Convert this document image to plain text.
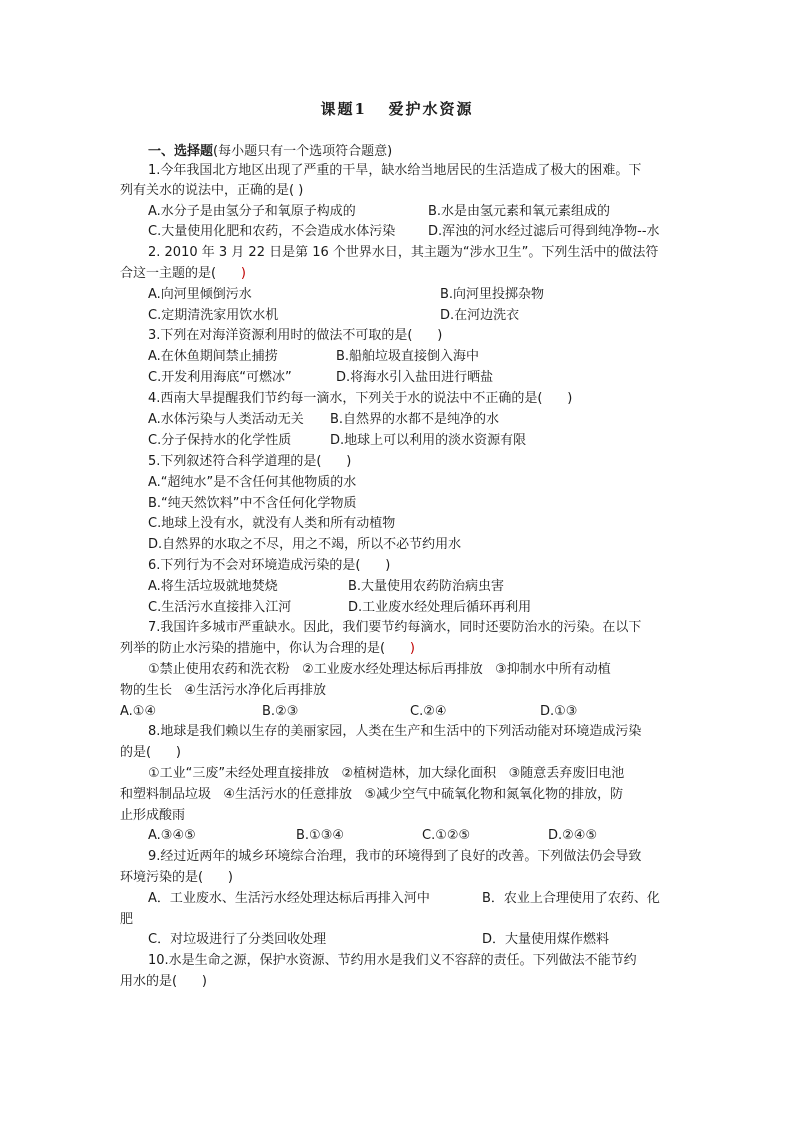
课题1   爱护水资源
一、选择题(每小题只有一个选项符合题意)
1.今年我国北方地区出现了严重的干旱，缺水给当地居民的生活造成了极大的困难。下
列有关水的说法中，正确的是( )
A.水分子是由氢分子和氧原子构成的	B.水是由氢元素和氧元素组成的
C.大量使用化肥和农药，不会造成水体污染	D.浑浊的河水经过滤后可得到纯净物--水
2. 2010 年 3 月 22 日是第 16 个世界水日，其主题为“涉水卫生”。下列生活中的做法符
合这一主题的是(      )
A.向河里倾倒污水	B.向河里投掷杂物
C.定期清洗家用饮水机	D.在河边洗衣
3.下列在对海洋资源利用时的做法不可取的是(      )
A.在休鱼期间禁止捕捞	B.船舶垃圾直接倒入海中
C.开发利用海底“可燃冰”	D.将海水引入盐田进行晒盐
4.西南大旱提醒我们节约每一滴水，下列关于水的说法中不正确的是(      )
A.水体污染与人类活动无关 B.自然界的水都不是纯净的水
C.分子保持水的化学性质	D.地球上可以利用的淡水资源有限
5.下列叙述符合科学道理的是(      )
A.“超纯水”是不含任何其他物质的水
B.“纯天然饮料”中不含任何化学物质
C.地球上没有水，就没有人类和所有动植物
D.自然界的水取之不尽，用之不竭，所以不必节约用水
6.下列行为不会对环境造成污染的是(      )
A.将生活垃圾就地焚烧	B.大量使用农药防治病虫害
C.生活污水直接排入江河	D.工业废水经处理后循环再利用
7.我国许多城市严重缺水。因此，我们要节约每滴水，同时还要防治水的污染。在以下
列举的防止水污染的措施中，你认为合理的是(      )
①禁止使用农药和洗衣粉   ②工业废水经处理达标后再排放   ③抑制水中所有动植
物的生长   ④生活污水净化后再排放
A.①④	B.②③	C.②④	D.①③
8.地球是我们赖以生存的美丽家园，人类在生产和生活中的下列活动能对环境造成污染
的是(      )
①工业“三废”未经处理直接排放   ②植树造林，加大绿化面积   ③随意丢弃废旧电池
和塑料制品垃圾   ④生活污水的任意排放   ⑤减少空气中硫氧化物和氮氧化物的排放，防
止形成酸雨
A.③④⑤	B.①③④	C.①②⑤	D.②④⑤
9.经过近两年的城乡环境综合治理，我市的环境得到了良好的改善。下列做法仍会导致
环境污染的是(      )
A．工业废水、生活污水经处理达标后再排入河中	B．农业上合理使用了农药、化
肥
C．对垃圾进行了分类回收处理	D．大量使用煤作燃料
10.水是生命之源，保护水资源、节约用水是我们义不容辞的责任。下列做法不能节约
用水的是(      )
